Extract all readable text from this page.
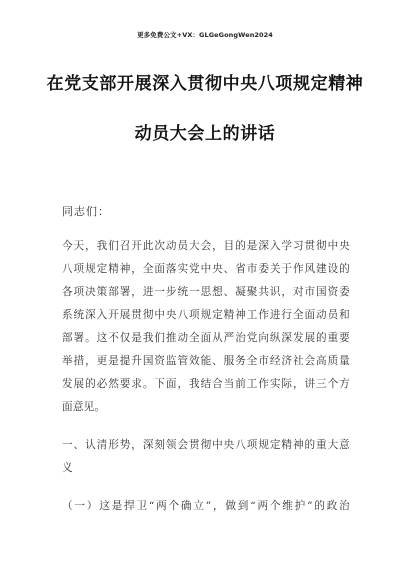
更多免费公文+VX：GLGeGongWen2024
在党支部开展深入贯彻中央八项规定精神
动员大会上的讲话
同志们：
今天，我们召开此次动员大会，目的是深入学习贯彻中央
八项规定精神，全面落实党中央、省市委关于作风建设的
各项决策部署，进一步统一思想、凝聚共识，对市国资委
系统深入开展贯彻中央八项规定精神工作进行全面动员和
部署。这不仅是我们推动全面从严治党向纵深发展的重要
举措，更是提升国资监管效能、服务全市经济社会高质量
发展的必然要求。下面，我结合当前工作实际，讲三个方
面意见。
一、认清形势，深刻领会贯彻中央八项规定精神的重大意
义
（一）这是捍卫“两个确立”，做到“两个维护”的政治
